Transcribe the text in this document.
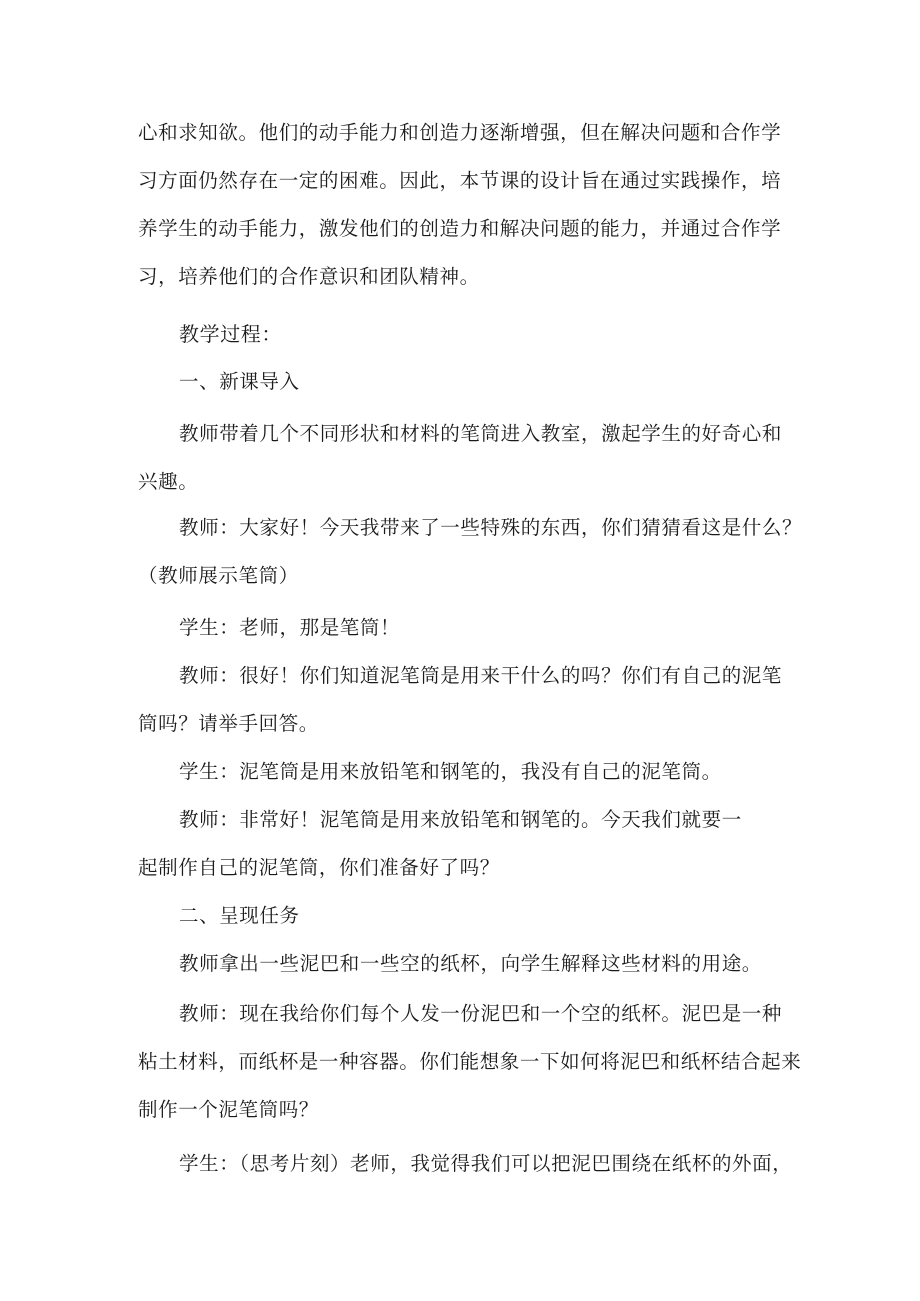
心和求知欲。他们的动手能力和创造力逐渐增强，但在解决问题和合作学
习方面仍然存在一定的困难。因此，本节课的设计旨在通过实践操作，培
养学生的动手能力，激发他们的创造力和解决问题的能力，并通过合作学
习，培养他们的合作意识和团队精神。

教学过程：

一、新课导入

教师带着几个不同形状和材料的笔筒进入教室，激起学生的好奇心和
兴趣。

教师：大家好！今天我带来了一些特殊的东西，你们猜猜看这是什么？
（教师展示笔筒）

学生：老师，那是笔筒！

教师：很好！你们知道泥笔筒是用来干什么的吗？你们有自己的泥笔
筒吗？请举手回答。

学生：泥笔筒是用来放铅笔和钢笔的，我没有自己的泥笔筒。

教师：非常好！泥笔筒是用来放铅笔和钢笔的。今天我们就要一
起制作自己的泥笔筒，你们准备好了吗？

二、呈现任务

教师拿出一些泥巴和一些空的纸杯，向学生解释这些材料的用途。

教师：现在我给你们每个人发一份泥巴和一个空的纸杯。泥巴是一种
粘土材料，而纸杯是一种容器。你们能想象一下如何将泥巴和纸杯结合起来
制作一个泥笔筒吗？

学生：（思考片刻）老师，我觉得我们可以把泥巴围绕在纸杯的外面，
